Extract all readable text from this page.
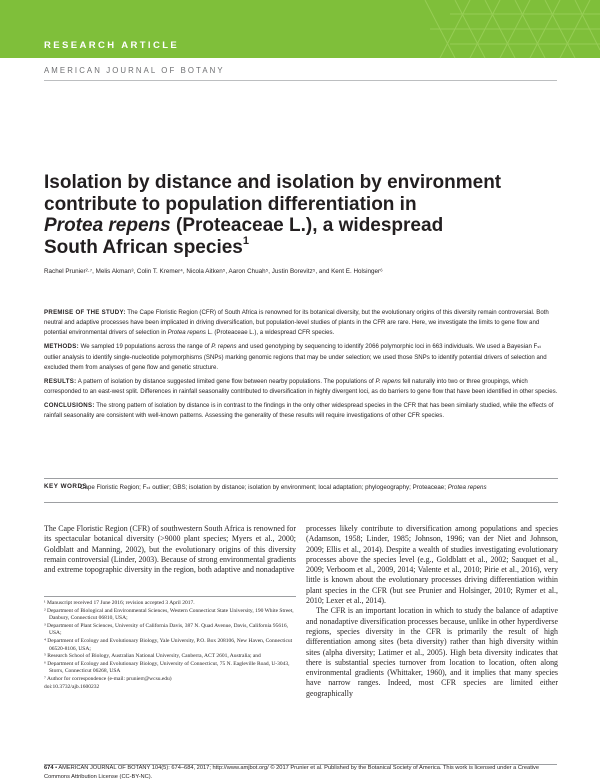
RESEARCH ARTICLE
AMERICAN JOURNAL OF BOTANY
Isolation by distance and isolation by environment
contribute to population differentiation in
Protea repens (Proteaceae L.), a widespread
South African species$^1$
Rachel Prunier²·⁷, Melis Akman³, Colin T. Kremer⁴, Nicola Aitken⁵, Aaron Chuah⁵, Justin Borevitz⁵, and Kent E. Holsinger⁶

PREMISE OF THE STUDY: The Cape Floristic Region (CFR) of South Africa is renowned for its botanical diversity, but the evolutionary origins of this diversity remain controversial. Both neutral and adaptive processes have been implicated in driving diversification, but population-level studies of plants in the CFR are rare. Here, we investigate the limits to gene flow and potential environmental drivers of selection in Protea repens L. (Proteaceae L.), a widespread CFR species.

METHODS: We sampled 19 populations across the range of P. repens and used genotyping by sequencing to identify 2066 polymorphic loci in 663 individuals. We used a Bayesian Fₛₜ outlier analysis to identify single-nucleotide polymorphisms (SNPs) marking genomic regions that may be under selection; we used those SNPs to identify potential drivers of selection and excluded them from analyses of gene flow and genetic structure.

RESULTS: A pattern of isolation by distance suggested limited gene flow between nearby populations. The populations of P. repens fell naturally into two or three groupings, which corresponded to an east-west split. Differences in rainfall seasonality contributed to diversification in highly divergent loci, as do barriers to gene flow that have been identified in other species.

CONCLUSIONS: The strong pattern of isolation by distance is in contrast to the findings in the only other widespread species in the CFR that has been similarly studied, while the effects of rainfall seasonality are consistent with well-known patterns. Assessing the generality of these results will require investigations of other CFR species.

KEY WORDS
Cape Floristic Region; Fₛₜ outlier; GBS; isolation by distance; isolation by environment; local adaptation; phylogeography; Proteaceae; Protea repens

The Cape Floristic Region (CFR) of southwestern South Africa is renowned for its spectacular botanical diversity (>9000 plant species; Myers et al., 2000; Goldblatt and Manning, 2002), but the evolutionary origins of this diversity remain controversial (Linder, 2003). Because of strong environmental gradients and extreme topographic diversity in the region, both adaptive and nonadaptive

processes likely contribute to diversification among populations and species (Adamson, 1958; Linder, 1985; Johnson, 1996; van der Niet and Johnson, 2009; Ellis et al., 2014). Despite a wealth of studies investigating evolutionary processes above the species level (e.g., Goldblatt et al., 2002; Sauquet et al., 2009; Verboom et al., 2009, 2014; Valente et al., 2010; Pirie et al., 2016), very little is known about the evolutionary processes driving differentiation within plant species in the CFR (but see Prunier and Holsinger, 2010; Rymer et al., 2010; Lexer et al., 2014).

The CFR is an important location in which to study the balance of adaptive and nonadaptive diversification processes because, unlike in other hyperdiverse regions, species diversity in the CFR is primarily the result of high differentiation among sites (beta diversity) rather than high diversity within sites (alpha diversity; Latimer et al., 2005). High beta diversity indicates that there is substantial species turnover from location to location, often along environmental gradients (Whittaker, 1960), and it implies that many species have narrow ranges. Indeed, most CFR species are limited either geographically

¹ Manuscript received 17 June 2016; revision accepted 3 April 2017.
² Department of Biological and Environmental Sciences, Western Connecticut State University, 190 White Street, Danbury, Connecticut 06810, USA;
³ Department of Plant Sciences, University of California Davis, 387 N. Quad Avenue, Davis, California 95616, USA;
⁴ Department of Ecology and Evolutionary Biology, Yale University, P.O. Box 208106, New Haven, Connecticut 06520-8106, USA;
⁵ Research School of Biology, Australian National University, Canberra, ACT 2601, Australia; and
⁶ Department of Ecology and Evolutionary Biology, University of Connecticut, 75 N. Eagleville Road, U-3043, Storrs, Connecticut 06268, USA
⁷ Author for correspondence (e-mail: prunierr@wcsu.edu)
doi:10.3732/ajb.1600232
674 • AMERICAN JOURNAL OF BOTANY 104(5): 674–684, 2017; http://www.amjbot.org/ © 2017 Prunier et al. Published by the Botanical Society of America. This work is licensed under a Creative Commons Attribution License (CC-BY-NC).
